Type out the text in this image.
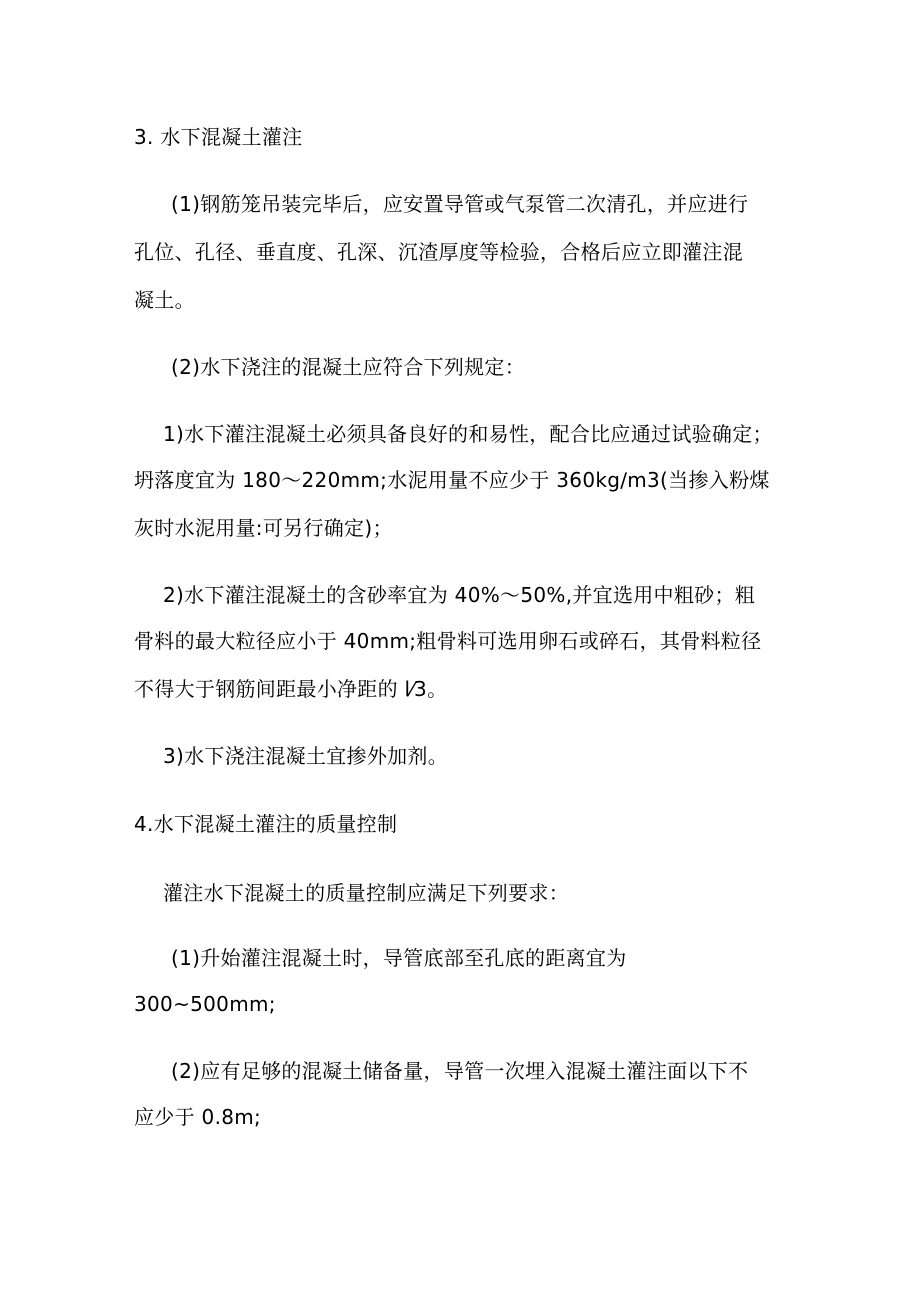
3. 水下混凝土灌注
(1)钢筋笼吊装完毕后，应安置导管或气泵管二次清孔，并应进行
孔位、孔径、垂直度、孔深、沉渣厚度等检验，合格后应立即灌注混
凝土。
(2)水下浇注的混凝土应符合下列规定：
1)水下灌注混凝土必须具备良好的和易性，配合比应通过试验确定；
坍落度宜为 180～220mm;水泥用量不应少于 360kg∕m3(当掺入粉煤
灰时水泥用量:可另行确定)；
2)水下灌注混凝土的含砂率宜为 40%～50%,并宜选用中粗砂；粗
骨料的最大粒径应小于 40mm;粗骨料可选用卵石或碎石，其骨料粒径
不得大于钢筋间距最小净距的 l⁄3。
3)水下浇注混凝土宜掺外加剂。
4.水下混凝土灌注的质量控制
灌注水下混凝土的质量控制应满足下列要求：
(1)升始灌注混凝土时，导管底部至孔底的距离宜为
300~500mm;
(2)应有足够的混凝土储备量，导管一次埋入混凝土灌注面以下不
应少于 0.8m;
